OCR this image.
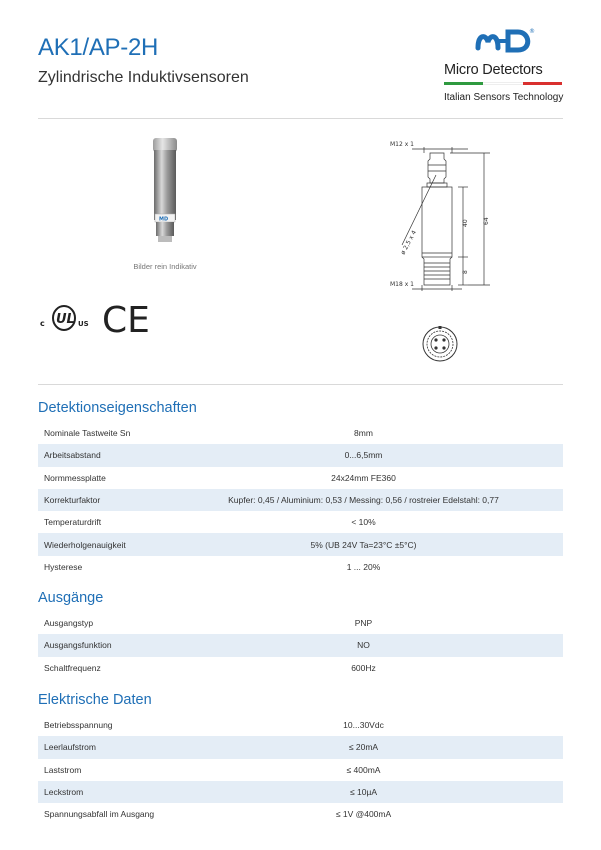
AK1/AP-2H

Zylindrische Induktivsensoren

®
Micro Detectors
Italian Sensors Technology
MD

Bilder rein Indikativ

c UL US CE
M12 x 1
M18 x 1
ø 2,5 x 4
40
8
64
Detektionseigenschaften
Nominale Tastweite Sn	8mm
Arbeitsabstand	0...6,5mm
Normmessplatte	24x24mm FE360
Korrekturfaktor	Kupfer: 0,45 / Aluminium: 0,53 / Messing: 0,56 / rostreier Edelstahl: 0,77
Temperaturdrift	< 10%
Wiederholgenauigkeit	5% (UB 24V Ta=23°C ±5°C)
Hysterese	1 ... 20%
Ausgänge
Ausgangstyp	PNP
Ausgangsfunktion	NO
Schaltfrequenz	600Hz
Elektrische Daten
Betriebsspannung	10...30Vdc
Leerlaufstrom	≤ 20mA
Laststrom	≤ 400mA
Leckstrom	≤ 10µA
Spannungsabfall im Ausgang	≤ 1V @400mA
